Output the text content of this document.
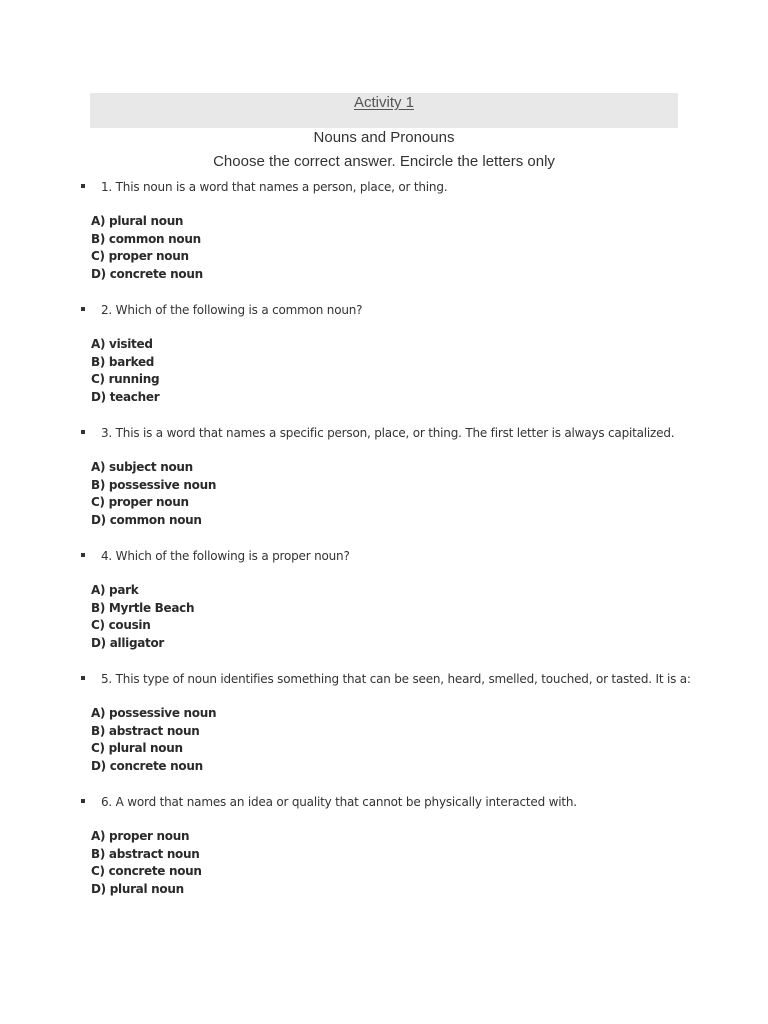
Activity 1
Nouns and Pronouns
Choose the correct answer. Encircle the letters only
1. This noun is a word that names a person, place, or thing.
A) plural noun
B) common noun
C) proper noun
D) concrete noun
2. Which of the following is a common noun?
A) visited
B) barked
C) running
D) teacher
3. This is a word that names a specific person, place, or thing. The first letter is always capitalized.
A) subject noun
B) possessive noun
C) proper noun
D) common noun
4. Which of the following is a proper noun?
A) park
B) Myrtle Beach
C) cousin
D) alligator
5. This type of noun identifies something that can be seen, heard, smelled, touched, or tasted. It is a:
A) possessive noun
B) abstract noun
C) plural noun
D) concrete noun
6. A word that names an idea or quality that cannot be physically interacted with.
A) proper noun
B) abstract noun
C) concrete noun
D) plural noun
